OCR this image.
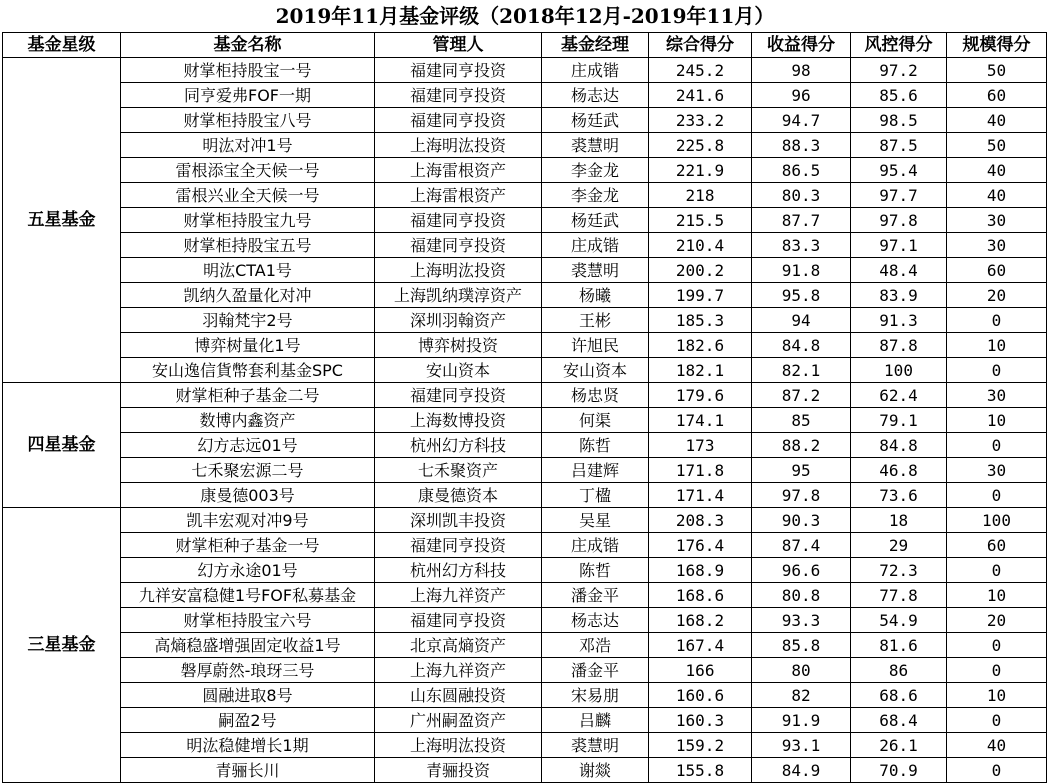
2019年11月基金评级（2018年12月-2019年11月）
基金星级	基金名称	管理人	基金经理	综合得分	收益得分	风控得分	规模得分
五星基金	财掌柜持股宝一号	福建同亨投资	庄成锴	245.2	98	97.2	50
	同亨爱弗FOF一期	福建同亨投资	杨志达	241.6	96	85.6	60
	财掌柜持股宝八号	福建同亨投资	杨廷武	233.2	94.7	98.5	40
	明汯对冲1号	上海明汯投资	裘慧明	225.8	88.3	87.5	50
	雷根添宝全天候一号	上海雷根资产	李金龙	221.9	86.5	95.4	40
	雷根兴业全天候一号	上海雷根资产	李金龙	218	80.3	97.7	40
	财掌柜持股宝九号	福建同亨投资	杨廷武	215.5	87.7	97.8	30
	财掌柜持股宝五号	福建同亨投资	庄成锴	210.4	83.3	97.1	30
	明汯CTA1号	上海明汯投资	裘慧明	200.2	91.8	48.4	60
	凯纳久盈量化对冲	上海凯纳璞淳资产	杨曦	199.7	95.8	83.9	20
	羽翰梵宇2号	深圳羽翰资产	王彬	185.3	94	91.3	0
	博弈树量化1号	博弈树投资	许旭民	182.6	84.8	87.8	10
	安山逸信貨幣套利基金SPC	安山资本	安山资本	182.1	82.1	100	0
四星基金	财掌柜种子基金二号	福建同亨投资	杨忠贤	179.6	87.2	62.4	30
	数博内鑫资产	上海数博投资	何渠	174.1	85	79.1	10
	幻方志远01号	杭州幻方科技	陈哲	173	88.2	84.8	0
	七禾聚宏源二号	七禾聚资产	吕建辉	171.8	95	46.8	30
	康曼德003号	康曼德资本	丁楹	171.4	97.8	73.6	0
三星基金	凯丰宏观对冲9号	深圳凯丰投资	吴星	208.3	90.3	18	100
	财掌柜种子基金一号	福建同亨投资	庄成锴	176.4	87.4	29	60
	幻方永途01号	杭州幻方科技	陈哲	168.9	96.6	72.3	0
	九祥安富稳健1号FOF私募基金	上海九祥资产	潘金平	168.6	80.8	77.8	10
	财掌柜持股宝六号	福建同亨投资	杨志达	168.2	93.3	54.9	20
	高熵稳盛增强固定收益1号	北京高熵资产	邓浩	167.4	85.8	81.6	0
	磐厚蔚然-琅玡三号	上海九祥资产	潘金平	166	80	86	0
	圆融进取8号	山东圆融投资	宋易朋	160.6	82	68.6	10
	嗣盈2号	广州嗣盈资产	吕麟	160.3	91.9	68.4	0
	明汯稳健增长1期	上海明汯投资	裘慧明	159.2	93.1	26.1	40
	青骊长川	青骊投资	谢燚	155.8	84.9	70.9	0
